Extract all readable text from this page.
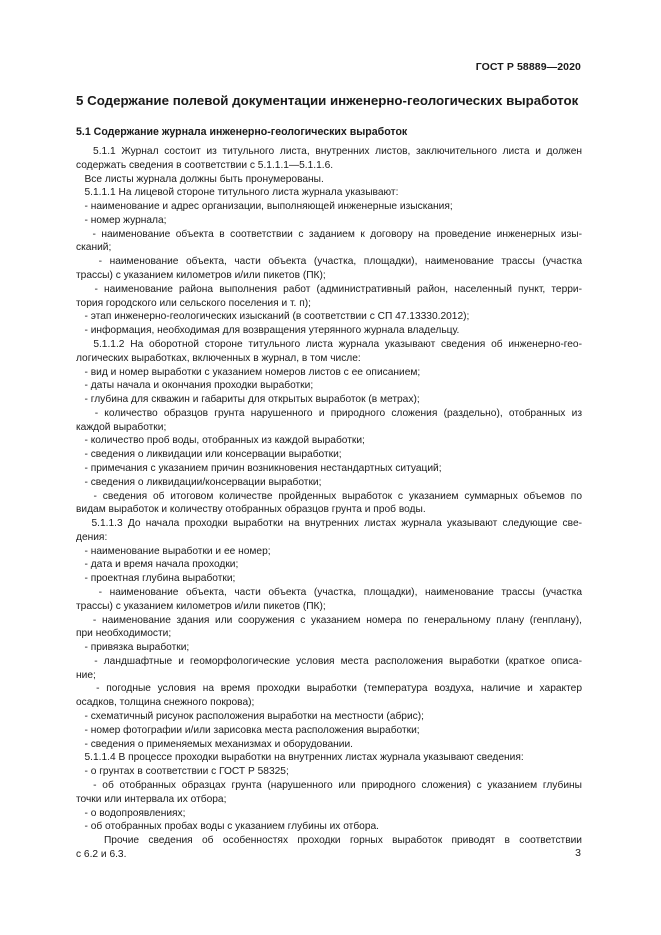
ГОСТ Р 58889—2020
5 Содержание полевой документации инженерно-геологических выработок
5.1 Содержание журнала инженерно-геологических выработок

5.1.1 Журнал состоит из титульного листа, внутренних листов, заключительного листа и должен

содержать сведения в соответствии с 5.1.1.1—5.1.1.6.

Все листы журнала должны быть пронумерованы.

5.1.1.1 На лицевой стороне титульного листа журнала указывают:

- наименование и адрес организации, выполняющей инженерные изыскания;

- номер журнала;

- наименование объекта в соответствии с заданием к договору на проведение инженерных изы-

сканий;

- наименование объекта, части объекта (участка, площадки), наименование трассы (участка

трассы) с указанием километров и/или пикетов (ПК);

- наименование района выполнения работ (административный район, населенный пункт, терри-

тория городского или сельского поселения и т. п);

- этап инженерно-геологических изысканий (в соответствии с СП 47.13330.2012);

- информация, необходимая для возвращения утерянного журнала владельцу.

5.1.1.2 На оборотной стороне титульного листа журнала указывают сведения об инженерно-гео-

логических выработках, включенных в журнал, в том числе:

- вид и номер выработки с указанием номеров листов с ее описанием;

- даты начала и окончания проходки выработки;

- глубина для скважин и габариты для открытых выработок (в метрах);

- количество образцов грунта нарушенного и природного сложения (раздельно), отобранных из

каждой выработки;

- количество проб воды, отобранных из каждой выработки;

- сведения о ликвидации или консервации выработки;

- примечания с указанием причин возникновения нестандартных ситуаций;

- сведения о ликвидации/консервации выработки;

- сведения об итоговом количестве пройденных выработок с указанием суммарных объемов по

видам выработок и количеству отобранных образцов грунта и проб воды.

5.1.1.3 До начала проходки выработки на внутренних листах журнала указывают следующие све-

дения:

- наименование выработки и ее номер;

- дата и время начала проходки;

- проектная глубина выработки;

- наименование объекта, части объекта (участка, площадки), наименование трассы (участка

трассы) с указанием километров и/или пикетов (ПК);

- наименование здания или сооружения с указанием номера по генеральному плану (генплану),

при необходимости;

- привязка выработки;

- ландшафтные и геоморфологические условия места расположения выработки (краткое описа-

ние;

- погодные условия на время проходки выработки (температура воздуха, наличие и характер

осадков, толщина снежного покрова);

- схематичный рисунок расположения выработки на местности (абрис);

- номер фотографии и/или зарисовка места расположения выработки;

- сведения о применяемых механизмах и оборудовании.

5.1.1.4 В процессе проходки выработки на внутренних листах журнала указывают сведения:

- о грунтах в соответствии с ГОСТ Р 58325;

- об отобранных образцах грунта (нарушенного или природного сложения) с указанием глубины

точки или интервала их отбора;

- о водопроявлениях;

- об отобранных пробах воды с указанием глубины их отбора.

Прочие сведения об особенностях проходки горных выработок приводят в соответствии

с 6.2 и 6.3.	3
